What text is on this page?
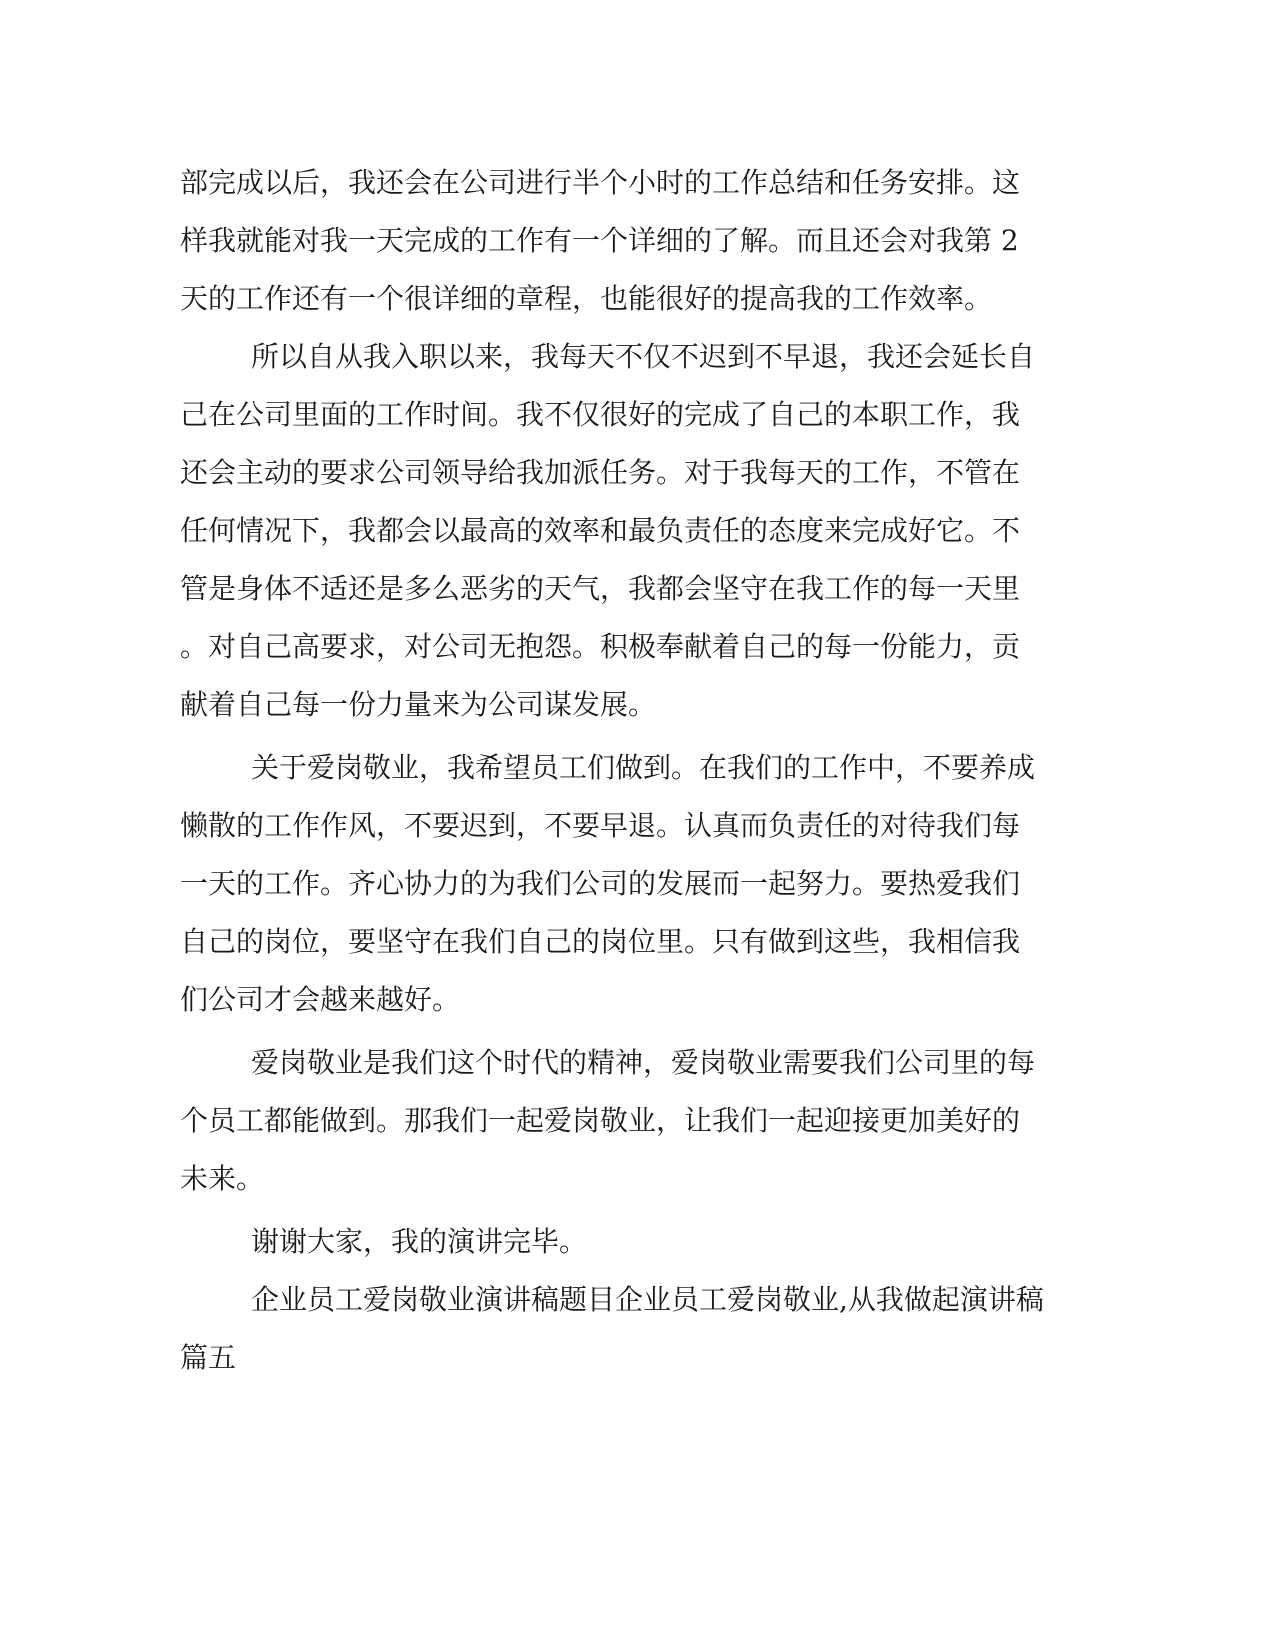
部完成以后，我还会在公司进行半个小时的工作总结和任务安排。这
样我就能对我一天完成的工作有一个详细的了解。而且还会对我第 2
天的工作还有一个很详细的章程，也能很好的提高我的工作效率。
所以自从我入职以来，我每天不仅不迟到不早退，我还会延长自
己在公司里面的工作时间。我不仅很好的完成了自己的本职工作，我
还会主动的要求公司领导给我加派任务。对于我每天的工作，不管在
任何情况下，我都会以最高的效率和最负责任的态度来完成好它。不
管是身体不适还是多么恶劣的天气，我都会坚守在我工作的每一天里
。对自己高要求，对公司无抱怨。积极奉献着自己的每一份能力，贡
献着自己每一份力量来为公司谋发展。
关于爱岗敬业，我希望员工们做到。在我们的工作中，不要养成
懒散的工作作风，不要迟到，不要早退。认真而负责任的对待我们每
一天的工作。齐心协力的为我们公司的发展而一起努力。要热爱我们
自己的岗位，要坚守在我们自己的岗位里。只有做到这些，我相信我
们公司才会越来越好。
爱岗敬业是我们这个时代的精神，爱岗敬业需要我们公司里的每
个员工都能做到。那我们一起爱岗敬业，让我们一起迎接更加美好的
未来。
谢谢大家，我的演讲完毕。
企业员工爱岗敬业演讲稿题目企业员工爱岗敬业,从我做起演讲稿
篇五
